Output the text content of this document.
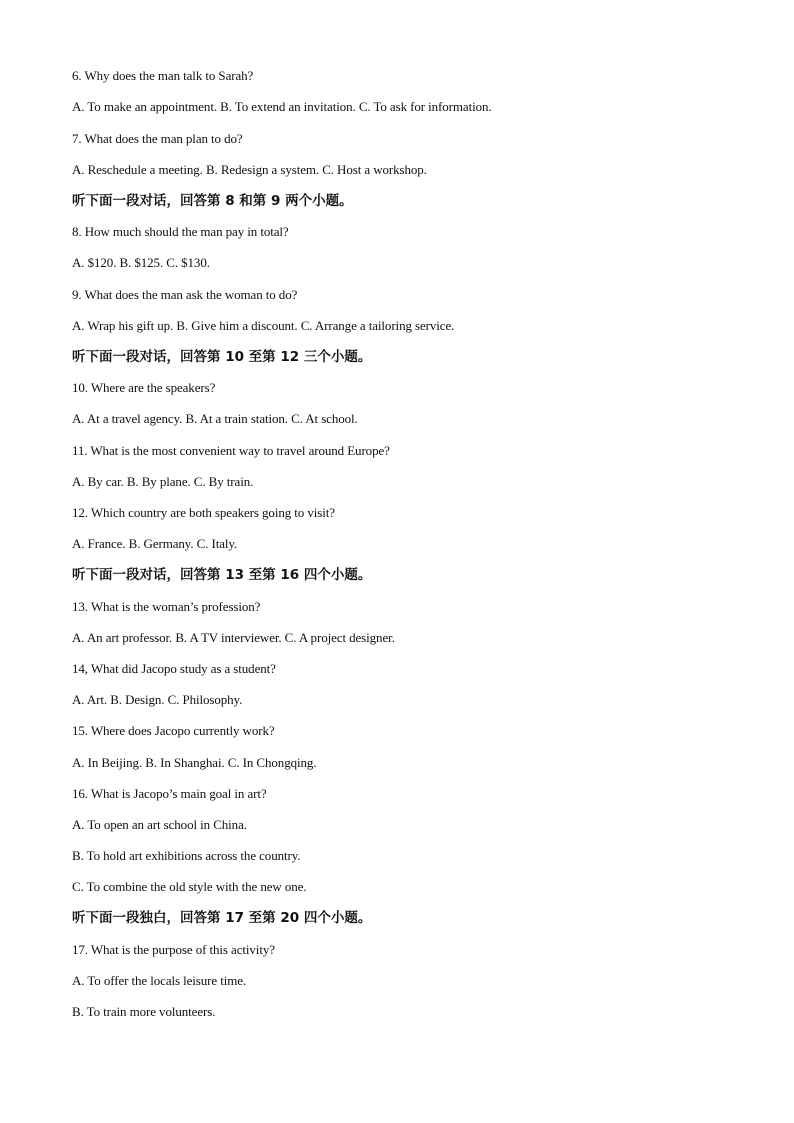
6. Why does the man talk to Sarah?
A. To make an appointment. B. To extend an invitation. C. To ask for information.
7. What does the man plan to do?
A. Reschedule a meeting. B. Redesign a system. C. Host a workshop.
听下面一段对话，回答第 8 和第 9 两个小题。
8. How much should the man pay in total?
A. $120. B. $125. C. $130.
9. What does the man ask the woman to do?
A. Wrap his gift up. B. Give him a discount. C. Arrange a tailoring service.
听下面一段对话，回答第 10 至第 12 三个小题。
10. Where are the speakers?
A. At a travel agency. B. At a train station. C. At school.
11. What is the most convenient way to travel around Europe?
A. By car. B. By plane. C. By train.
12. Which country are both speakers going to visit?
A. France. B. Germany. C. Italy.
听下面一段对话，回答第 13 至第 16 四个小题。
13. What is the woman’s profession?
A. An art professor. B. A TV interviewer. C. A project designer.
14, What did Jacopo study as a student?
A. Art. B. Design. C. Philosophy.
15. Where does Jacopo currently work?
A. In Beijing. B. In Shanghai. C. In Chongqing.
16. What is Jacopo’s main goal in art?
A. To open an art school in China.
B. To hold art exhibitions across the country.
C. To combine the old style with the new one.
听下面一段独白，回答第 17 至第 20 四个小题。
17. What is the purpose of this activity?
A. To offer the locals leisure time.
B. To train more volunteers.
